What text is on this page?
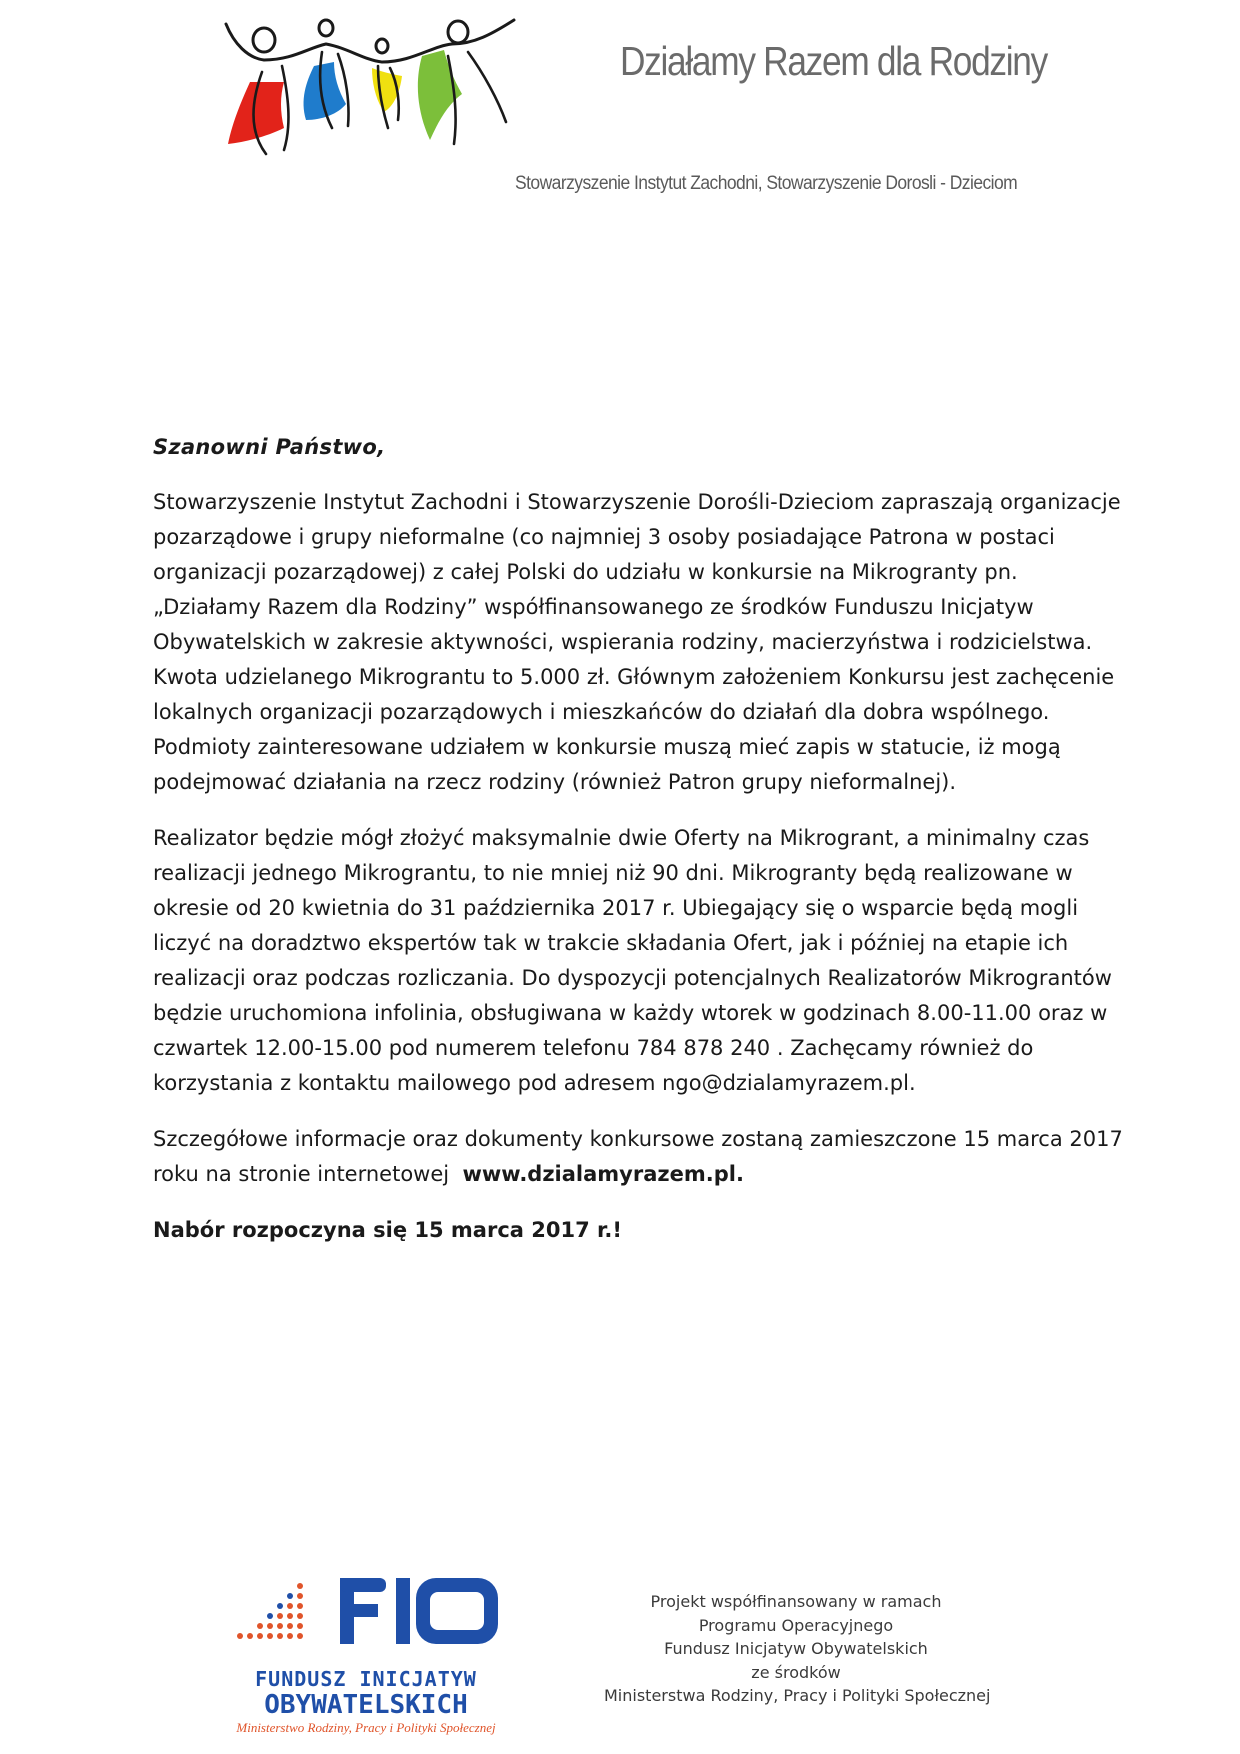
Działamy Razem dla Rodziny
Stowarzyszenie Instytut Zachodni, Stowarzyszenie Dorosli - Dzieciom

Szanowni Państwo,

Stowarzyszenie Instytut Zachodni i Stowarzyszenie Dorośli-Dzieciom zapraszają organizacje
pozarządowe i grupy nieformalne (co najmniej 3 osoby posiadające Patrona w postaci
organizacji pozarządowej) z całej Polski do udziału w konkursie na Mikrogranty pn.
„Działamy Razem dla Rodziny” współfinansowanego ze środków Funduszu Inicjatyw
Obywatelskich w zakresie aktywności, wspierania rodziny, macierzyństwa i rodzicielstwa.
Kwota udzielanego Mikrograntu to 5.000 zł. Głównym założeniem Konkursu jest zachęcenie
lokalnych organizacji pozarządowych i mieszkańców do działań dla dobra wspólnego.
Podmioty zainteresowane udziałem w konkursie muszą mieć zapis w statucie, iż mogą
podejmować działania na rzecz rodziny (również Patron grupy nieformalnej).

Realizator będzie mógł złożyć maksymalnie dwie Oferty na Mikrogrant, a minimalny czas
realizacji jednego Mikrograntu, to nie mniej niż 90 dni. Mikrogranty będą realizowane w
okresie od 20 kwietnia do 31 października 2017 r. Ubiegający się o wsparcie będą mogli
liczyć na doradztwo ekspertów tak w trakcie składania Ofert, jak i później na etapie ich
realizacji oraz podczas rozliczania. Do dyspozycji potencjalnych Realizatorów Mikrograntów
będzie uruchomiona infolinia, obsługiwana w każdy wtorek w godzinach 8.00-11.00 oraz w
czwartek 12.00-15.00 pod numerem telefonu 784 878 240 . Zachęcamy również do
korzystania z kontaktu mailowego pod adresem ngo@dzialamyrazem.pl.

Szczegółowe informacje oraz dokumenty konkursowe zostaną zamieszczone 15 marca 2017
roku na stronie internetowej  www.dzialamyrazem.pl.

Nabór rozpoczyna się 15 marca 2017 r.!

FUNDUSZ INICJATYW
OBYWATELSKICH
Ministerstwo Rodziny, Pracy i Polityki Społecznej
Projekt współfinansowany w ramach
Programu Operacyjnego
Fundusz Inicjatyw Obywatelskich
ze środków
Ministerstwa Rodziny, Pracy i Polityki Społecznej
